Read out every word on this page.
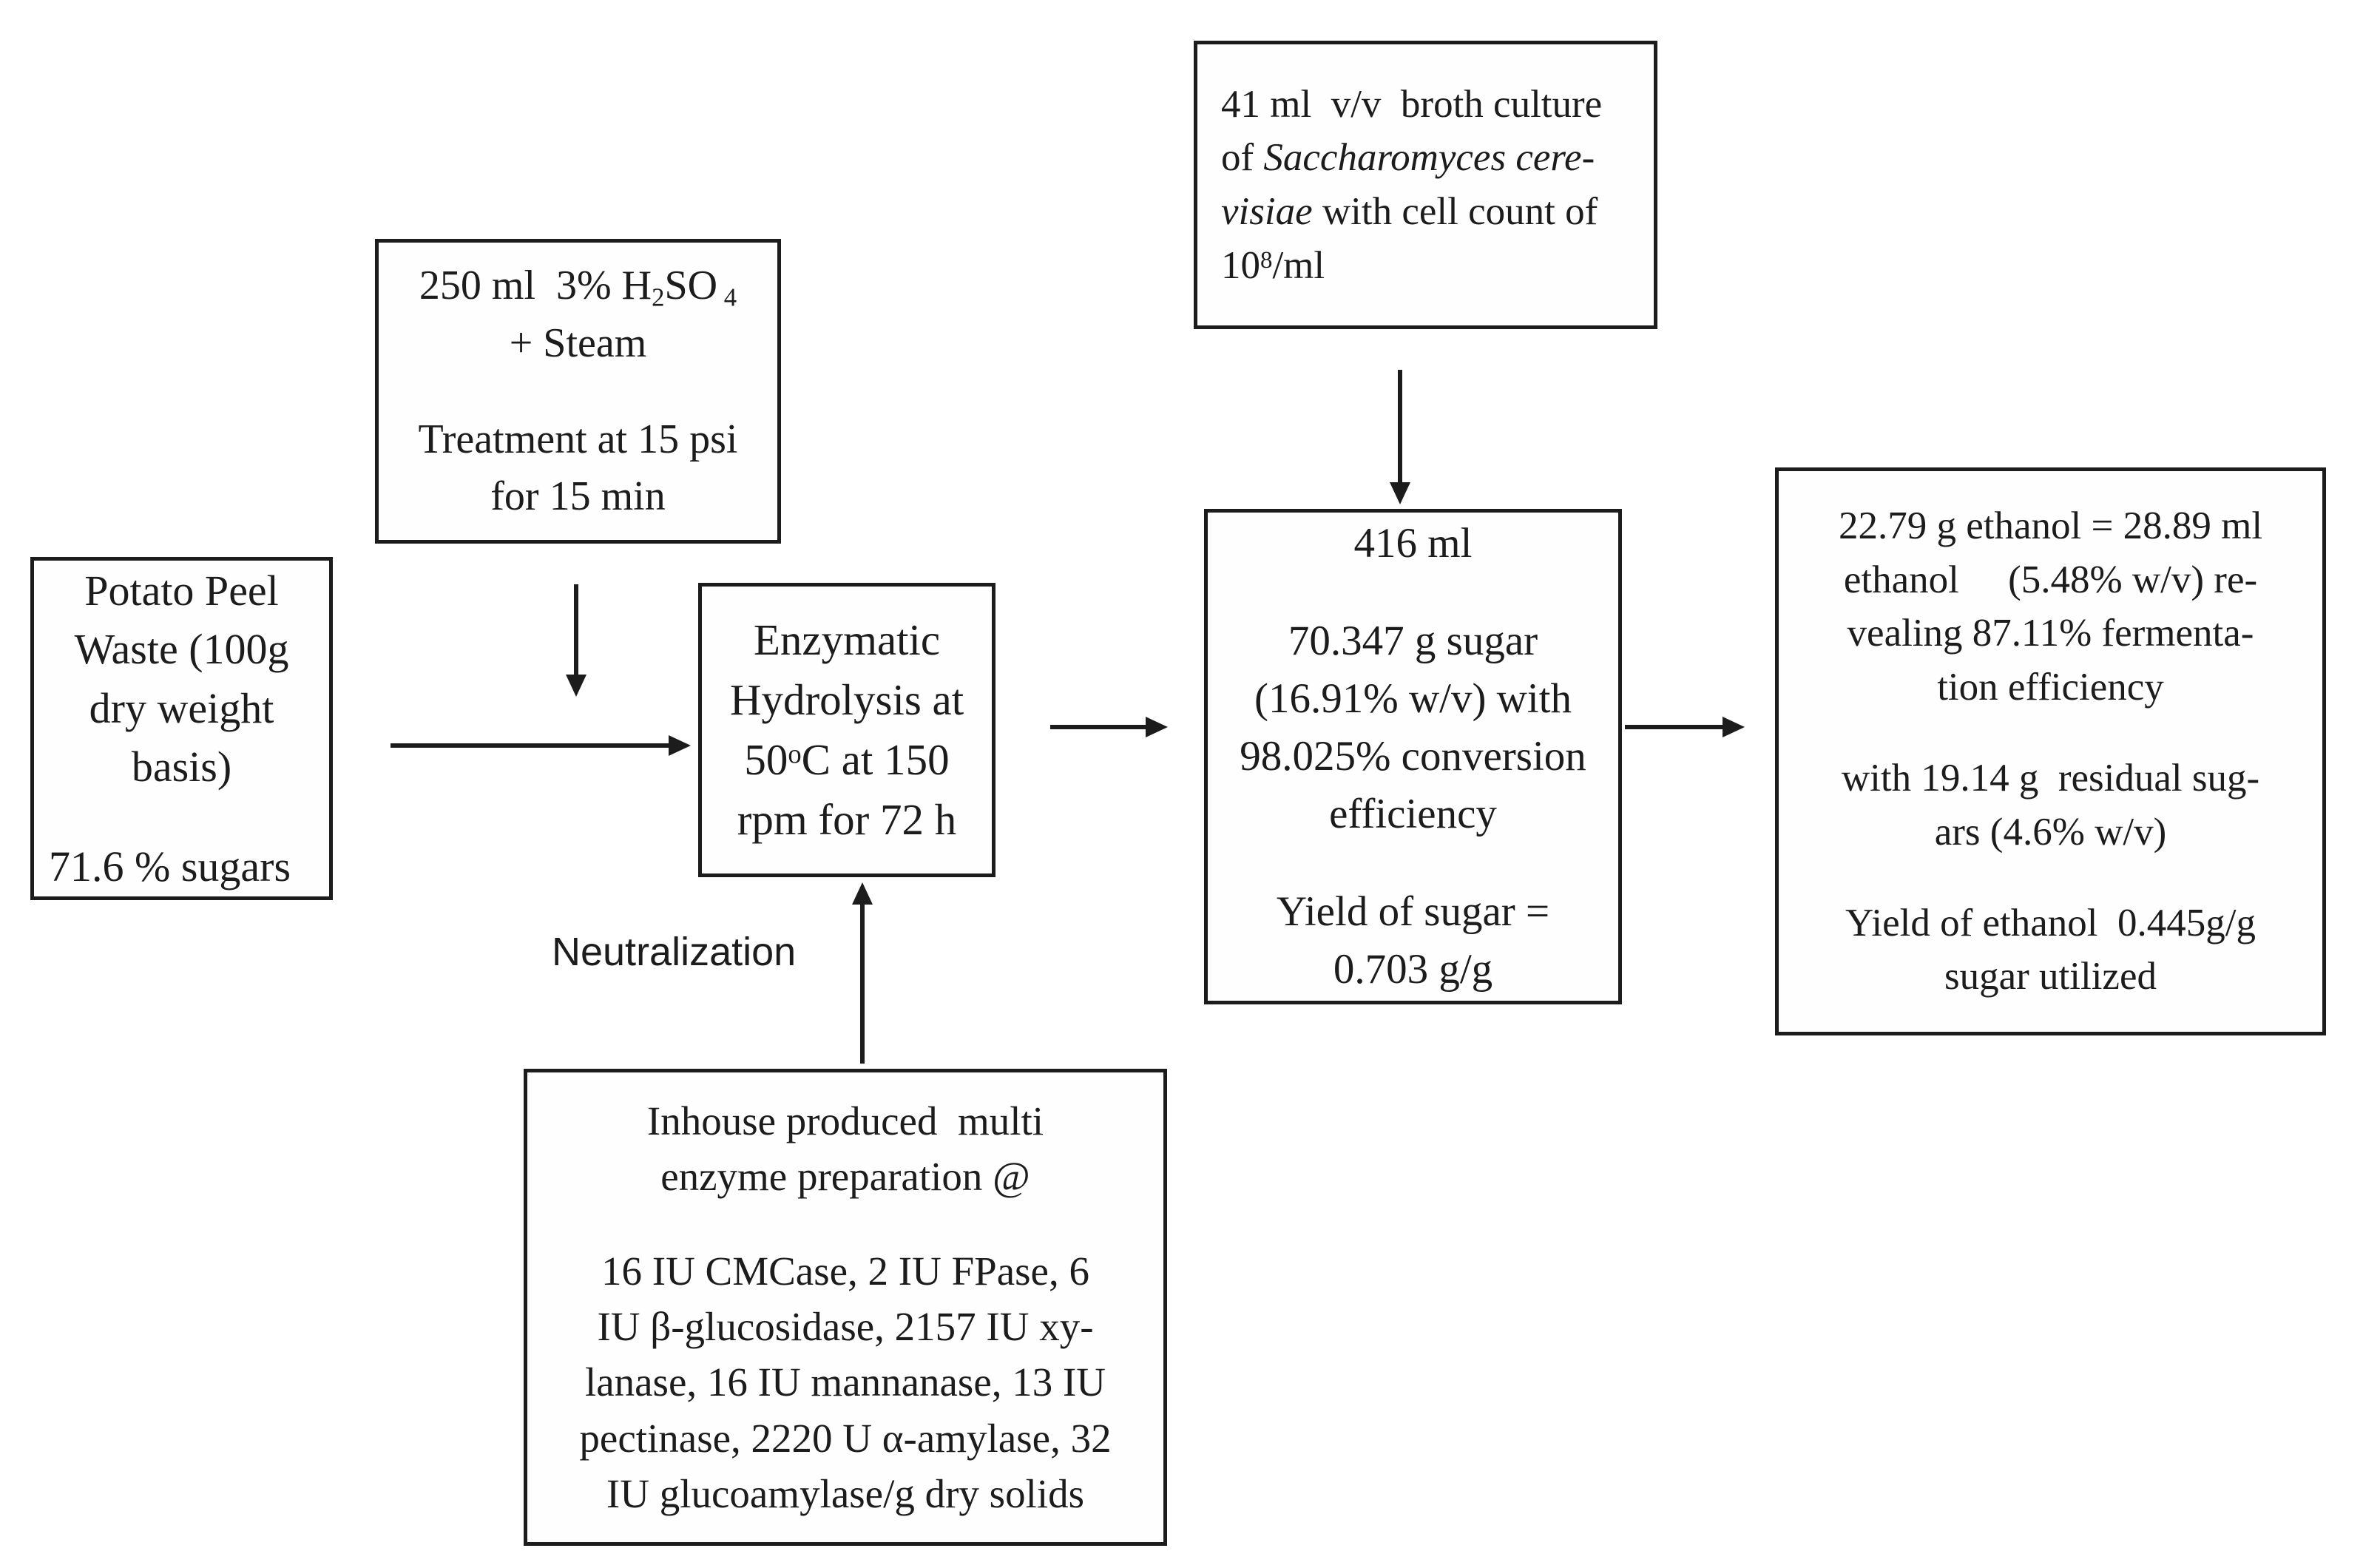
41 ml  v/v  broth culture
of Saccharomyces cere-
visiae with cell count of
$10^8/ml$
250 ml  3% $H_2SO$ $_4$
+ Steam
Treatment at 15 psi
for 15 min
Potato Peel
Waste (100g
dry weight
basis)
71.6 % sugars
Enzymatic
Hydrolysis at
50$^o$C at 150
rpm for 72 h
416 ml
70.347 g sugar
(16.91% w/v) with
98.025% conversion
efficiency
Yield of sugar =
0.703 g/g
22.79 g ethanol = 28.89 ml
ethanol     (5.48% w/v) re-
vealing 87.11% fermenta-
tion efficiency
with 19.14 g  residual sug-
ars (4.6% w/v)
Yield of ethanol  0.445g/g
sugar utilized
Inhouse produced  multi
enzyme preparation @
16 IU CMCase, 2 IU FPase, 6
IU β-glucosidase, 2157 IU xy-
lanase, 16 IU mannanase, 13 IU
pectinase, 2220 U α-amylase, 32
IU glucoamylase/g dry solids
Neutralization
